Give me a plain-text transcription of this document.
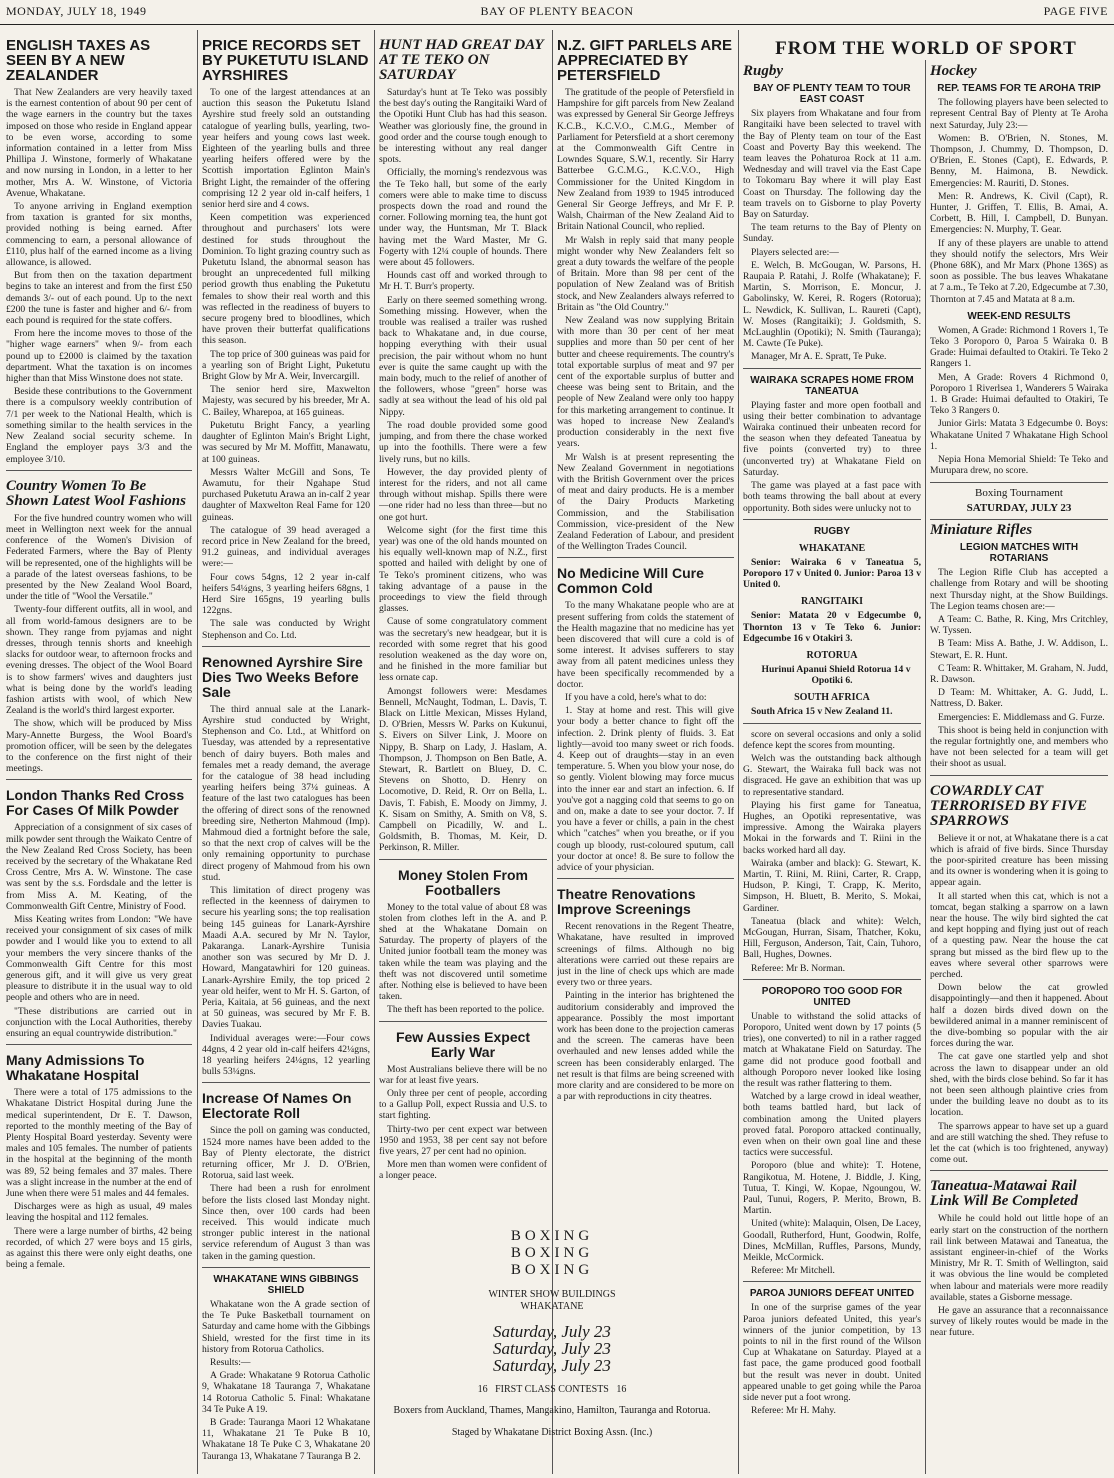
MONDAY, JULY 18, 1949	BAY OF PLENTY BEACON	PAGE FIVE
ENGLISH TAXES AS SEEN BY A NEW ZEALANDER

That New Zealanders are very heavily taxed is the earnest contention of about 90 per cent of the wage earners in the country but the taxes imposed on those who reside in England appear to be even worse, according to some information contained in a letter from Miss Phillipa J. Winstone, formerly of Whakatane and now nursing in London, in a letter to her mother, Mrs A. W. Winstone, of Victoria Avenue, Whakatane.

To anyone arriving in England exemption from taxation is granted for six months, provided nothing is being earned. After commencing to earn, a personal allowance of £110, plus half of the earned income as a living allowance, is allowed.

But from then on the taxation department begins to take an interest and from the first £50 demands 3/- out of each pound. Up to the next £200 the tune is faster and higher and 6/- from each pound is required for the state coffers.

From here the income moves to those of the "higher wage earners" when 9/- from each pound up to £2000 is claimed by the taxation department. What the taxation is on incomes higher than that Miss Winstone does not state.

Beside these contributions to the Government there is a compulsory weekly contribution of 7/1 per week to the National Health, which is something similar to the health services in the New Zealand social security scheme. In England the employer pays 3/3 and the employee 3/10.

Country Women To Be Shown Latest Wool Fashions

For the five hundred country women who will meet in Wellington next week for the annual conference of the Women's Division of Federated Farmers, where the Bay of Plenty will be represented, one of the highlights will be a parade of the latest overseas fashions, to be presented by the New Zealand Wool Board, under the title of "Wool the Versatile."

Twenty-four different outfits, all in wool, and all from world-famous designers are to be shown. They range from pyjamas and night dresses, through tennis shorts and kneehigh slacks for outdoor wear, to afternoon frocks and evening dresses. The object of the Wool Board is to show farmers' wives and daughters just what is being done by the world's leading fashion artists with wool, of which New Zealand is the world's third largest exporter.

The show, which will be produced by Miss Mary-Annette Burgess, the Wool Board's promotion officer, will be seen by the delegates to the conference on the first night of their meetings.

London Thanks Red Cross For Cases Of Milk Powder

Appreciation of a consignment of six cases of milk powder sent through the Waikato Centre of the New Zealand Red Cross Society, has been received by the secretary of the Whakatane Red Cross Centre, Mrs A. W. Winstone. The case was sent by the s.s. Fordsdale and the letter is from Miss A. M. Keating, of the Commonwealth Gift Centre, Ministry of Food.

Miss Keating writes from London: "We have received your consignment of six cases of milk powder and I would like you to extend to all your members the very sincere thanks of the Commonwealth Gift Centre for this most generous gift, and it will give us very great pleasure to distribute it in the usual way to old people and others who are in need.

"These distributions are carried out in conjunction with the Local Authorities, thereby ensuring an equal countrywide distribution."

Many Admissions To Whakatane Hospital

There were a total of 175 admissions to the Whakatane District Hospital during June the medical superintendent, Dr E. T. Dawson, reported to the monthly meeting of the Bay of Plenty Hospital Board yesterday. Seventy were males and 105 females. The number of patients in the hospital at the beginning of the month was 89, 52 being females and 37 males. There was a slight increase in the number at the end of June when there were 51 males and 44 females.

Discharges were as high as usual, 49 males leaving the hospital and 112 females.

There were a large number of births, 42 being recorded, of which 27 were boys and 15 girls, as against this there were only eight deaths, one being a female.

PRICE RECORDS SET BY PUKETUTU ISLAND AYRSHIRES

To one of the largest attendances at an auction this season the Puketutu Island Ayrshire stud freely sold an outstanding catalogue of yearling bulls, yearling, two-year heifers and young cows last week. Eighteen of the yearling bulls and three yearling heifers offered were by the Scottish importation Eglinton Main's Bright Light, the remainder of the offering comprising 12 2 year old in-calf heifers, 1 senior herd sire and 4 cows.

Keen competition was experienced throughout and purchasers' lots were destined for studs throughout the Dominion. To light grazing country such as Puketutu Island, the abnormal season has brought an unprecedented full milking period growth thus enabling the Puketutu females to show their real worth and this was reflected in the readiness of buyers to secure progeny bred to bloodlines, which have proven their butterfat qualifications this season.

The top price of 300 guineas was paid for a yearling son of Bright Light, Puketutu Bright Glow by Mr A. Weir, Invercargill.

The senior herd sire, Maxwelton Majesty, was secured by his breeder, Mr A. C. Bailey, Wharepoa, at 165 guineas.

Puketutu Bright Fancy, a yearling daughter of Eglinton Main's Bright Light, was secured by Mr M. Moffitt, Manawatu, at 100 guineas.

Messrs Walter McGill and Sons, Te Awamutu, for their Ngahape Stud purchased Puketutu Arawa an in-calf 2 year daughter of Maxwelton Real Fame for 120 guineas.

The catalogue of 39 head averaged a record price in New Zealand for the breed, 91.2 guineas, and individual averages were:—

Four cows 54gns, 12 2 year in-calf heifers 54¼gns, 3 yearling heifers 68gns, 1 Herd Sire 165gns, 19 yearling bulls 122gns.

The sale was conducted by Wright Stephenson and Co. Ltd.

Renowned Ayrshire Sire Dies Two Weeks Before Sale

The third annual sale at the Lanark-Ayrshire stud conducted by Wright, Stephenson and Co. Ltd., at Whitford on Tuesday, was attended by a representative bench of dairy buyers. Both males and females met a ready demand, the average for the catalogue of 38 head including yearling heifers being 37¼ guineas. A feature of the last two catalogues has been the offering of direct sons of the renowned breeding sire, Netherton Mahmoud (Imp). Mahmoud died a fortnight before the sale, so that the next crop of calves will be the only remaining opportunity to purchase direct progeny of Mahmoud from his own stud.

This limitation of direct progeny was reflected in the keenness of dairymen to secure his yearling sons; the top realisation being 145 guineas for Lanark-Ayrshire Maadi A.A. secured by Mr N. Taylor, Pakaranga. Lanark-Ayrshire Tunisia another son was secured by Mr D. J. Howard, Mangatawhiri for 120 guineas. Lanark-Ayrshire Emily, the top priced 2 year old heifer, went to Mr H. S. Garton, of Peria, Kaitaia, at 56 guineas, and the next at 50 guineas, was secured by Mr F. B. Davies Tuakau.

Individual averages were:—Four cows 44gns, 4 2 year old in-calf heifers 42¼gns, 18 yearling heifers 24¼gns, 12 yearling bulls 53¼gns.

Increase Of Names On Electorate Roll

Since the poll on gaming was conducted, 1524 more names have been added to the Bay of Plenty electorate, the district returning officer, Mr J. D. O'Brien, Rotorua, said last week.

There had been a rush for enrolment before the lists closed last Monday night. Since then, over 100 cards had been received. This would indicate much stronger public interest in the national service referendum of August 3 than was taken in the gaming question.

WHAKATANE WINS GIBBINGS SHIELD

Whakatane won the A grade section of the Te Puke Basketball tournament on Saturday and came home with the Gibbings Shield, wrested for the first time in its history from Rotorua Catholics.

Results:—

A Grade: Whakatane 9 Rotorua Catholic 9, Whakatane 18 Tauranga 7, Whakatane 14 Rotorua Catholic 5. Final: Whakatane 34 Te Puke A 19.

B Grade: Tauranga Maori 12 Whakatane 11, Whakatane 21 Te Puke B 10, Whakatane 18 Te Puke C 3, Whakatane 20 Tauranga 13, Whakatane 7 Tauranga B 2.

HUNT HAD GREAT DAY AT TE TEKO ON SATURDAY

Saturday's hunt at Te Teko was possibly the best day's outing the Rangitaiki Ward of the Opotiki Hunt Club has had this season. Weather was gloriously fine, the ground in good order and the course tough enough to be interesting without any real danger spots.

Officially, the morning's rendezvous was the Te Teko hall, but some of the early comers were able to make time to discuss prospects down the road and round the corner. Following morning tea, the hunt got under way, the Huntsman, Mr T. Black having met the Ward Master, Mr G. Fogerty with 12¼ couple of hounds. There were about 45 followers.

Hounds cast off and worked through to Mr H. T. Burr's property.

Early on there seemed something wrong. Something missing. However, when the trouble was realised a trailer was rushed back to Whakatane and, in due course, hopping everything with their usual precision, the pair without whom no hunt ever is quite the same caught up with the main body, much to the relief of another of the followers, whose "green" horse was sadly at sea without the lead of his old pal Nippy.

The road double provided some good jumping, and from there the chase worked up into the foothills. There were a few lively runs, but no kills.

However, the day provided plenty of interest for the riders, and not all came through without mishap. Spills there were—one rider had no less than three—but no one got hurt.

Welcome sight (for the first time this year) was one of the old hands mounted on his equally well-known map of N.Z., first spotted and hailed with delight by one of Te Teko's prominent citizens, who was taking advantage of a pause in the proceedings to view the field through glasses.

Cause of some congratulatory comment was the secretary's new headgear, but it is recorded with some regret that his good resolution weakened as the day wore on, and he finished in the more familiar but less ornate cap.

Amongst followers were: Mesdames Bennell, McNaught, Todman, L. Davis, T. Black on Little Mexican, Misses Hyland, D. O'Brien, Messrs W. Parks on Kukunui, S. Eivers on Silver Link, J. Moore on Nippy, B. Sharp on Lady, J. Haslam, A. Thompson, J. Thompson on Ben Batle, A. Stewart, R. Bartlett on Bluey, D. C. Stevens on Shotto, D. Henry on Locomotive, D. Reid, R. Orr on Bella, L. Davis, T. Fabish, E. Moody on Jimmy, J. K. Sisam on Smithy, A. Smith on V8, S. Campbell on Picadilly, W. and L. Goldsmith, B. Thomas, M. Keir, D. Perkinson, R. Miller.

Money Stolen From Footballers

Money to the total value of about £8 was stolen from clothes left in the A. and P. shed at the Whakatane Domain on Saturday. The property of players of the United junior football team the money was taken while the team was playing and the theft was not discovered until sometime after. Nothing else is believed to have been taken.

The theft has been reported to the police.

Few Aussies Expect Early War

Most Australians believe there will be no war for at least five years.

Only three per cent of people, according to a Gallup Poll, expect Russia and U.S. to start fighting.

Thirty-two per cent expect war between 1950 and 1953, 38 per cent say not before five years, 27 per cent had no opinion.

More men than women were confident of a longer peace.

N.Z. GIFT PARLELS ARE APPRECIATED BY PETERSFIELD

The gratitude of the people of Petersfield in Hampshire for gift parcels from New Zealand was expressed by General Sir George Jeffreys K.C.B., K.C.V.O., C.M.G., Member of Parliament for Petersfield at a short ceremony at the Commonwealth Gift Centre in Lowndes Square, S.W.1, recently. Sir Harry Batterbee G.C.M.G., K.C.V.O., High Commissioner for the United Kingdom in New Zealand from 1939 to 1945 introduced General Sir George Jeffreys, and Mr F. P. Walsh, Chairman of the New Zealand Aid to Britain National Council, who replied.

Mr Walsh in reply said that many people might wonder why New Zealanders felt so great a duty towards the welfare of the people of Britain. More than 98 per cent of the population of New Zealand was of British stock, and New Zealanders always referred to Britain as "the Old Country."

New Zealand was now supplying Britain with more than 30 per cent of her meat supplies and more than 50 per cent of her butter and cheese requirements. The country's total exportable surplus of meat and 97 per cent of the exportable surplus of butter and cheese was being sent to Britain, and the people of New Zealand were only too happy for this marketing arrangement to continue. It was hoped to increase New Zealand's production considerably in the next five years.

Mr Walsh is at present representing the New Zealand Government in negotiations with the British Government over the prices of meat and dairy products. He is a member of the Dairy Products Marketing Commission, and the Stabilisation Commission, vice-president of the New Zealand Federation of Labour, and president of the Wellington Trades Council.

No Medicine Will Cure Common Cold

To the many Whakatane people who are at present suffering from colds the statement of the Health magazine that no medicine has yet been discovered that will cure a cold is of some interest. It advises sufferers to stay away from all patent medicines unless they have been specifically recommended by a doctor.

If you have a cold, here's what to do:

1. Stay at home and rest. This will give your body a better chance to fight off the infection. 2. Drink plenty of fluids. 3. Eat lightly—avoid too many sweet or rich foods. 4. Keep out of draughts—stay in an even temperature. 5. When you blow your nose, do so gently. Violent blowing may force mucus into the inner ear and start an infection. 6. If you've got a nagging cold that seems to go on and on, make a date to see your doctor. 7. If you have a fever or chills, a pain in the chest which "catches" when you breathe, or if you cough up bloody, rust-coloured sputum, call your doctor at once! 8. Be sure to follow the advice of your physician.

Theatre Renovations Improve Screenings

Recent renovations in the Regent Theatre, Whakatane, have resulted in improved screenings of films. Although no big alterations were carried out these repairs are just in the line of check ups which are made every two or three years.

Painting in the interior has brightened the auditorium considerably and improved the appearance. Possibly the most important work has been done to the projection cameras and the screen. The cameras have been overhauled and new lenses added while the screen has been considerably enlarged. The net result is that films are being screened with more clarity and are considered to be more on a par with reproductions in city theatres.

BOXING
BOXING
BOXING
WINTER SHOW BUILDINGS
WHAKATANE
Saturday, July 23
Saturday, July 23
Saturday, July 23
16   FIRST CLASS CONTESTS   16
Boxers from Auckland, Thames, Mangakino, Hamilton, Tauranga and Rotorua.
Staged by Whakatane District Boxing Assn. (Inc.)
FROM THE WORLD OF SPORT
Rugby
BAY OF PLENTY TEAM TO TOUR EAST COAST

Six players from Whakatane and four from Rangitaiki have been selected to travel with the Bay of Plenty team on tour of the East Coast and Poverty Bay this weekend. The team leaves the Pohaturoa Rock at 11 a.m. Wednesday and will travel via the East Cape to Tokomaru Bay where it will play East Coast on Thursday. The following day the team travels on to Gisborne to play Poverty Bay on Saturday.

The team returns to the Bay of Plenty on Sunday.

Players selected are:—

E. Welch, B. McGougan, W. Parsons, H. Raupaia P. Ratahi, J. Rolfe (Whakatane); F. Martin, S. Morrison, E. Moncur, J. Gabolinsky, W. Kerei, R. Rogers (Rotorua); L. Newdick, K. Sullivan, L. Raureti (Capt), W. Moses (Rangitaiki); J. Goldsmith, S. McLaughlin (Opotiki); N. Smith (Tauranga); M. Cawte (Te Puke).

Manager, Mr A. E. Spratt, Te Puke.

WAIRAKA SCRAPES HOME FROM TANEATUA

Playing faster and more open football and using their better combination to advantage Wairaka continued their unbeaten record for the season when they defeated Taneatua by five points (converted try) to three (unconverted try) at Whakatane Field on Saturday.

The game was played at a fast pace with both teams throwing the ball about at every opportunity. Both sides were unlucky not to

RUGBY
WHAKATANE

Senior: Wairaka 6 v Taneatua 5, Poroporo 17 v United 0. Junior: Paroa 13 v United 0.

RANGITAIKI

Senior: Matata 20 v Edgecumbe 0, Thornton 13 v Te Teko 6. Junior: Edgecumbe 16 v Otakiri 3.

ROTORUA

Hurinui Apanui Shield Rotorua 14 v Opotiki 6.

SOUTH AFRICA

South Africa 15 v New Zealand 11.

score on several occasions and only a solid defence kept the scores from mounting.

Welch was the outstanding back although G. Stewart, the Wairaka full back was not disgraced. He gave an exhibition that was up to representative standard.

Playing his first game for Taneatua, Hughes, an Opotiki representative, was impressive. Among the Wairaka players Mokai in the forwards and T. Riini in the backs worked hard all day.

Wairaka (amber and black): G. Stewart, K. Martin, T. Riini, M. Riini, Carter, R. Crapp, Hudson, P. Kingi, T. Crapp, K. Merito, Simpson, H. Bluett, B. Merito, S. Mokai, Gardiner.

Taneatua (black and white): Welch, McGougan, Hurran, Sisam, Thatcher, Koku, Hill, Ferguson, Anderson, Tait, Cain, Tuhoro, Ball, Hughes, Downes.

Referee: Mr B. Norman.

POROPORO TOO GOOD FOR UNITED

Unable to withstand the solid attacks of Poroporo, United went down by 17 points (5 tries), one converted) to nil in a rather ragged match at Whakatane Field on Saturday. The game did not produce good football and although Poroporo never looked like losing the result was rather flattering to them.

Watched by a large crowd in ideal weather, both teams battled hard, but lack of combination among the United players proved fatal. Poroporo attacked continually, even when on their own goal line and these tactics were successful.

Poroporo (blue and white): T. Hotene, Rangikotua, M. Hotene, J. Biddle, J. King, Tutua, T. Kingi, W. Kopae, Ngoungou, W. Paul, Tunui, Rogers, P. Merito, Brown, B. Martin.

United (white): Malaquin, Olsen, De Lacey, Goodall, Rutherford, Hunt, Goodwin, Rolfe, Dines, McMillan, Ruffles, Parsons, Mundy, Meikle, McCormick.

Referee: Mr Mitchell.

PAROA JUNIORS DEFEAT UNITED

In one of the surprise games of the year Paroa juniors defeated United, this year's winners of the junior competition, by 13 points to nil in the first round of the Wilson Cup at Whakatane on Saturday. Played at a fast pace, the game produced good football but the result was never in doubt. United appeared unable to get going while the Paroa side never put a foot wrong.

Referee: Mr H. Mahy.

Hockey
REP. TEAMS FOR TE AROHA TRIP

The following players have been selected to represent Central Bay of Plenty at Te Aroha next Saturday, July 23:—

Women: B. O'Brien, N. Stones, M. Thompson, J. Chummy, D. Thompson, D. O'Brien, E. Stones (Capt), E. Edwards, P. Benny, M. Haimona, B. Newdick. Emergencies: M. Rauriti, D. Stones.

Men: R. Andrews, K. Civil (Capt), R. Hunter, J. Griffen, T. Ellis, B. Amai, A. Corbett, B. Hill, I. Campbell, D. Bunyan. Emergencies: N. Murphy, T. Gear.

If any of these players are unable to attend they should notify the selectors, Mrs Weir (Phone 68K), and Mr Marx (Phone 136S) as soon as possible. The bus leaves Whakatane at 7 a.m., Te Teko at 7.20, Edgecumbe at 7.30, Thornton at 7.45 and Matata at 8 a.m.

WEEK-END RESULTS

Women, A Grade: Richmond 1 Rovers 1, Te Teko 3 Poroporo 0, Paroa 5 Wairaka 0. B Grade: Huimai defaulted to Otakiri. Te Teko 2 Rangers 1.

Men, A Grade: Rovers 4 Richmond 0, Poroporo 1 Riverlsea 1, Wanderers 5 Wairaka 1. B Grade: Huimai defaulted to Otakiri, Te Teko 3 Rangers 0.

Junior Girls: Matata 3 Edgecumbe 0. Boys: Whakatane United 7 Whakatane High School 1.

Nepia Hona Memorial Shield: Te Teko and Murupara drew, no score.

Boxing Tournament
SATURDAY, JULY 23
Miniature Rifles
LEGION MATCHES WITH ROTARIANS

The Legion Rifle Club has accepted a challenge from Rotary and will be shooting next Thursday night, at the Show Buildings. The Legion teams chosen are:—

A Team: C. Bathe, R. King, Mrs Critchley, W. Tyssen.

B Team: Miss A. Bathe, J. W. Addison, L. Stewart, E. R. Hunt.

C Team: R. Whittaker, M. Graham, N. Judd, R. Dawson.

D Team: M. Whittaker, A. G. Judd, L. Nattress, D. Baker.

Emergencies: E. Middlemass and G. Furze.

This shoot is being held in conjunction with the regular fortnightly one, and members who have not been selected for a team will get their shoot as usual.

COWARDLY CAT TERRORISED BY FIVE SPARROWS

Believe it or not, at Whakatane there is a cat which is afraid of five birds. Since Thursday the poor-spirited creature has been missing and its owner is wondering when it is going to appear again.

It all started when this cat, which is not a tomcat, began stalking a sparrow on a lawn near the house. The wily bird sighted the cat and kept hopping and flying just out of reach of a questing paw. Near the house the cat sprang but missed as the bird flew up to the eaves where several other sparrows were perched.

Down below the cat growled disappointingly—and then it happened. About half a dozen birds dived down on the bewildered animal in a manner reminiscent of the dive-bombing so popular with the air forces during the war.

The cat gave one startled yelp and shot across the lawn to disappear under an old shed, with the birds close behind. So far it has not been seen although plaintive cries from under the building leave no doubt as to its location.

The sparrows appear to have set up a guard and are still watching the shed. They refuse to let the cat (which is too frightened, anyway) come out.

Taneatua-Matawai Rail Link Will Be Completed

While he could hold out little hope of an early start on the construction of the northern rail link between Matawai and Taneatua, the assistant engineer-in-chief of the Works Ministry, Mr R. T. Smith of Wellington, said it was obvious the line would be completed when labour and materials were more readily available, states a Gisborne message.

He gave an assurance that a reconnaissance survey of likely routes would be made in the near future.
